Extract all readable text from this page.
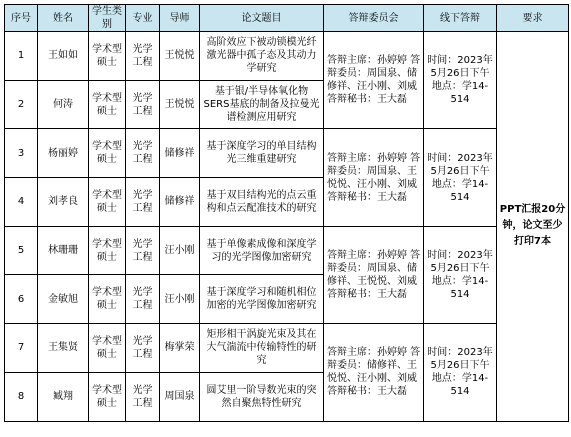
序号	姓名	学生类别	专业	导师	论文题目	答辩委员会	线下答辩	要求
1	王如如	学术型硕士	光学工程	王悦悦	高阶效应下被动锁模光纤激光器中孤子态及其动力学研究	答辩主席：孙婷婷 答辩委员：周国泉、储修祥、汪小刚、刘威 答辩秘书：王大磊	时间：2023年5月26日下午 地点：学14-514	PPT汇报20分钟，论文至少打印7本
2	何涛	学术型硕士	光学工程	王悦悦	基于银/半导体氧化物SERS基底的制备及拉曼光谱检测应用研究			
3	杨丽婷	学术型硕士	光学工程	储修祥	基于深度学习的单目结构光三维重建研究	答辩主席：孙婷婷 答辩委员：周国泉、王悦悦、汪小刚、刘威 答辩秘书：王大磊	时间：2023年5月26日下午 地点：学14-514	
4	刘孝良	学术型硕士	光学工程	储修祥	基于双目结构光的点云重构和点云配准技术的研究			
5	林珊珊	学术型硕士	光学工程	汪小刚	基于单像素成像和深度学习的光学图像加密研究	答辩主席：孙婷婷 答辩委员：周国泉、储修祥、王悦悦、刘威 答辩秘书：王大磊	时间：2023年5月26日下午 地点：学14-514	
6	金敏旭	学术型硕士	光学工程	汪小刚	基于深度学习和随机相位加密的光学图像加密研究			
7	王集贤	学术型硕士	光学工程	梅掌荣	矩形相干涡旋光束及其在大气湍流中传输特性的研究	答辩主席：孙婷婷 答辩委员：储修祥、王悦悦、汪小刚、刘威 答辩秘书：王大磊	时间：2023年5月26日下午 地点：学14-514	
8	臧翔	学术型硕士	光学工程	周国泉	圆艾里一阶导数光束的突然自聚焦特性研究			
